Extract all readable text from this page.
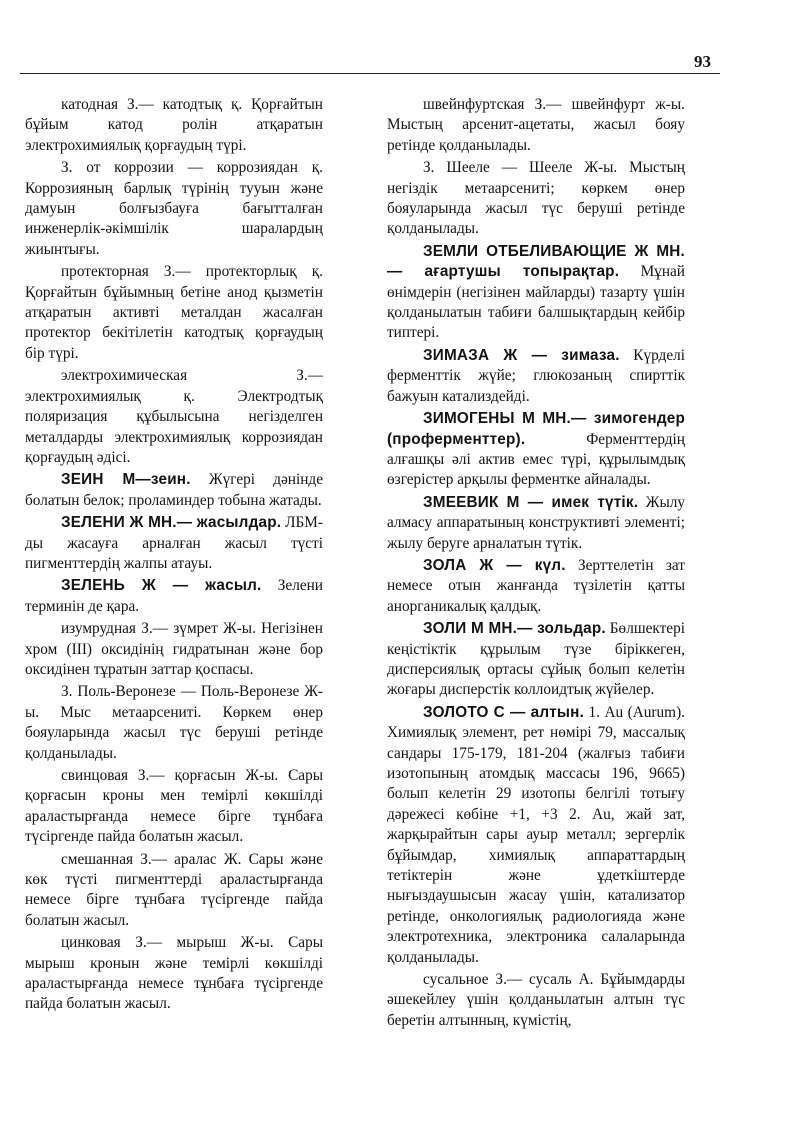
93

катодная З.— катодтық қ. Қорғайтын бұйым катод ролін атқаратын электрохимиялық қорғаудың түрі.

З. от коррозии — коррозиядан қ. Коррозияның барлық түрінің тууын және дамуын болғызбауға бағытталған инженерлік-әкімшілік шаралардың жиынтығы.

протекторная З.— протекторлық қ. Қорғайтын бұйымның бетіне анод қызметін атқаратын активті металдан жасалған протектор бекітілетін катодтық қорғаудың бір түрі.

электрохимическая З.— электрохимиялық қ. Электродтық поляризация құбылысына негізделген металдарды электрохимиялық коррозиядан қорғаудың әдісі.

ЗЕИН М—зеин. Жүгері дәнінде болатын белок; проламиндер тобына жатады.

ЗЕЛЕНИ Ж МН.— жасылдар. ЛБМ-ды жасауға арналған жасыл түсті пигменттердің жалпы атауы.

ЗЕЛЕНЬ Ж — жасыл. Зелени терминін де қара.

изумрудная З.— зүмрет Ж-ы. Негізінен хром (III) оксидінің гидратынан және бор оксидінен тұратын заттар қоспасы.

З. Поль-Веронезе — Поль-Веронезе Ж-ы. Мыс метаарсениті. Көркем өнер бояуларында жасыл түс беруші ретінде қолданылады.

свинцовая З.— қорғасын Ж-ы. Сары қорғасын кроны мен темірлі көкшілді араластырғанда немесе бірге тұнбаға түсіргенде пайда болатын жасыл.

смешанная З.— аралас Ж. Сары және көк түсті пигменттерді араластырғанда немесе бірге тұнбаға түсіргенде пайда болатын жасыл.

цинковая З.— мырыш Ж-ы. Сары мырыш кронын және темірлі көкшілді араластырғанда немесе тұнбаға түсіргенде пайда болатын жасыл.

швейнфуртская З.— швейнфурт ж-ы. Мыстың арсенит-ацетаты, жасыл бояу ретінде қолданылады.

З. Шееле — Шееле Ж-ы. Мыстың негіздік метаарсениті; көркем өнер бояуларында жасыл түс беруші ретінде қолданылады.

ЗЕМЛИ ОТБЕЛИВАЮЩИЕ Ж МН.— ағартушы топырақтар. Мұнай өнімдерін (негізінен майларды) тазарту үшін қолданылатын табиғи балшықтардың кейбір типтері.

ЗИМАЗА Ж — зимаза. Күрделі ферменттік жүйе; глюкозаның спирттік бажуын катализдейді.

ЗИМОГЕНЫ М МН.— зимогендер (проферменттер). Ферменттердің алғашқы әлі актив емес түрі, құрылымдық өзгерістер арқылы ферментке айналады.

ЗМЕЕВИК М — имек түтік. Жылу алмасу аппаратының конструктивті элементі; жылу беруге арналатын түтік.

ЗОЛА Ж — күл. Зерттелетін зат немесе отын жанғанда түзілетін қатты анорганикалық қалдық.

ЗОЛИ М МН.— зольдар. Бөлшектері кеңістіктік құрылым түзе біріккеген, дисперсиялық ортасы сұйық болып келетін жоғары дисперстік коллоидтық жүйелер.

ЗОЛОТО С — алтын. 1. Au (Aurum). Химиялық элемент, рет нөмірі 79, массалық сандары 175-179, 181-204 (жалғыз табиғи изотопының атомдық массасы 196, 9665) болып келетін 29 изотопы белгілі тотығу дәрежесі көбіне +1, +3 2. Au, жай зат, жарқырайтын сары ауыр металл; зергерлік бұйымдар, химиялық аппараттардың тетіктерін және ұдеткіштерде нығыздаушысын жасау үшін, катализатор ретінде, онкологиялық радиологияда және электротехника, электроника салаларында қолданылады.

сусальное З.— сусаль А. Бұйымдарды әшекейлеу үшін қолданылатын алтын түс беретін алтынның, күмістің,
